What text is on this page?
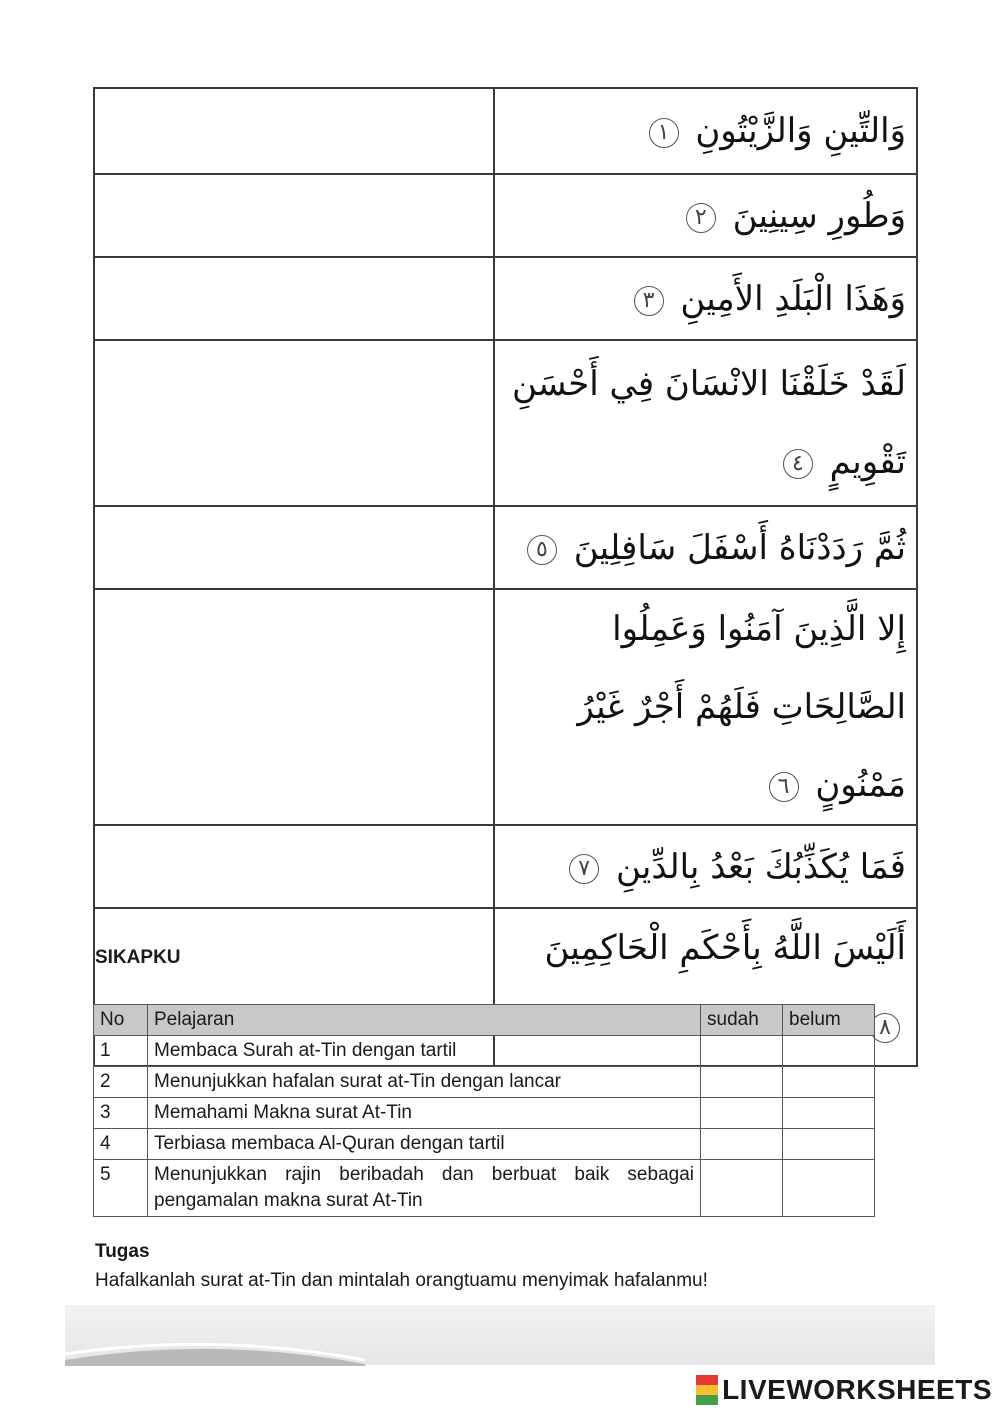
	وَالتِّينِ وَالزَّيْتُونِ ١
	وَطُورِ سِينِينَ ٢
	وَهَذَا الْبَلَدِ الأَمِينِ ٣
	لَقَدْ خَلَقْنَا الانْسَانَ فِي أَحْسَنِ تَقْوِيمٍ ٤
	ثُمَّ رَدَدْنَاهُ أَسْفَلَ سَافِلِينَ ٥
	إِلا الَّذِينَ آمَنُوا وَعَمِلُوا الصَّالِحَاتِ فَلَهُمْ أَجْرٌ غَيْرُ مَمْنُونٍ ٦
	فَمَا يُكَذِّبُكَ بَعْدُ بِالدِّينِ ٧
	أَلَيْسَ اللَّهُ بِأَحْكَمِ الْحَاكِمِينَ ٨
SIKAPKU
No	Pelajaran	sudah	belum
1	Membaca Surah at-Tin dengan tartil		
2	Menunjukkan hafalan surat at-Tin dengan lancar		
3	Memahami Makna surat At-Tin		
4	Terbiasa membaca Al-Quran dengan tartil		
5	Menunjukkan rajin beribadah dan berbuat baik sebagai pengamalan makna surat At-Tin		
Tugas
Hafalkanlah surat at-Tin dan mintalah orangtuamu menyimak hafalanmu!
LIVEWORKSHEETS
